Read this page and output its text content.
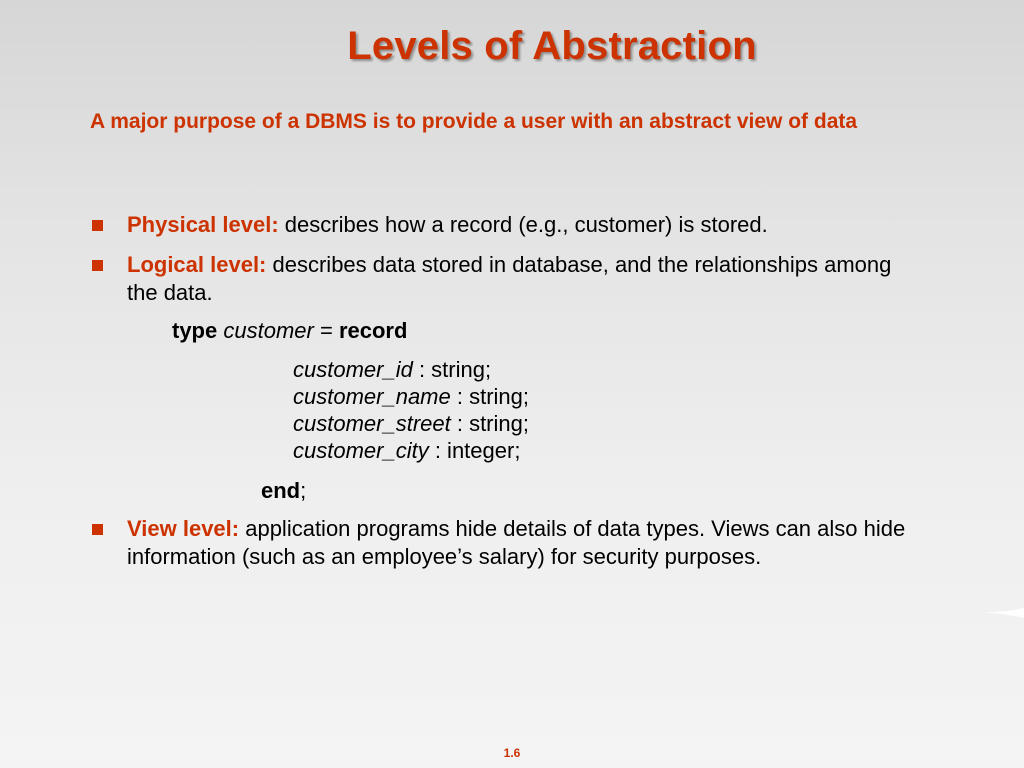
Levels of Abstraction
A major purpose of a DBMS is to provide a user with an abstract view of data
Physical level: describes how a record (e.g., customer) is stored.
Logical level: describes data stored in database, and the relationships among the data.
type customer = record
customer_id : string;
customer_name : string;
customer_street : string;
customer_city : integer;
end;
View level: application programs hide details of data types. Views can also hide information (such as an employee’s salary) for security purposes.
1.6
